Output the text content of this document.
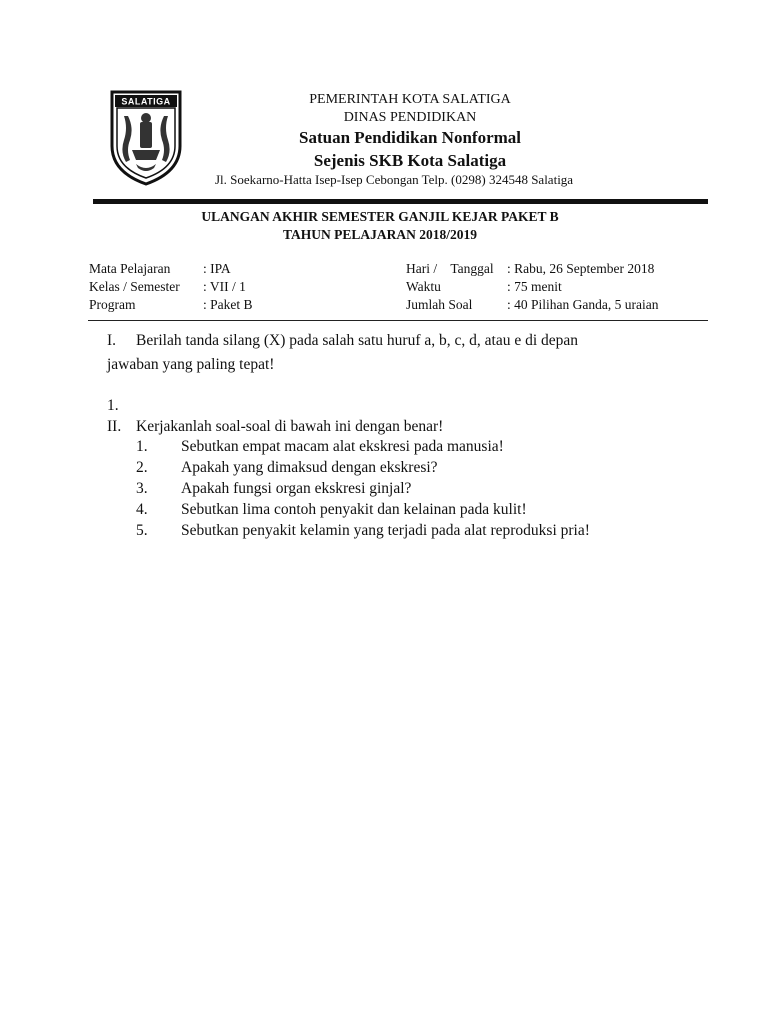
SALATIGA	PEMERINTAH KOTA SALATIGA
DINAS PENDIDIKAN
Satuan Pendidikan Nonformal
Sejenis SKB Kota Salatiga
Jl. Soekarno-Hatta Isep-Isep Cebongan Telp. (0298) 324548 Salatiga
ULANGAN AKHIR SEMESTER GANJIL KEJAR PAKET B
TAHUN PELAJARAN 2018/2019
Mata Pelajaran : IPA
Kelas / Semester : VII / 1
Program	: Paket B
Hari /    Tanggal : Rabu, 26 September 2018
Waktu	: 75 menit
Jumlah Soal	: 40 Pilihan Ganda, 5 uraian
I. Berilah tanda silang (X) pada salah satu huruf a, b, c, d, atau e di depan
jawaban yang paling tepat!
1.
II. Kerjakanlah soal-soal di bawah ini dengan benar!
1. Sebutkan empat macam alat ekskresi pada manusia!
2. Apakah yang dimaksud dengan ekskresi?
3. Apakah fungsi organ ekskresi ginjal?
4. Sebutkan lima contoh penyakit dan kelainan pada kulit!
5. Sebutkan penyakit kelamin yang terjadi pada alat reproduksi pria!
